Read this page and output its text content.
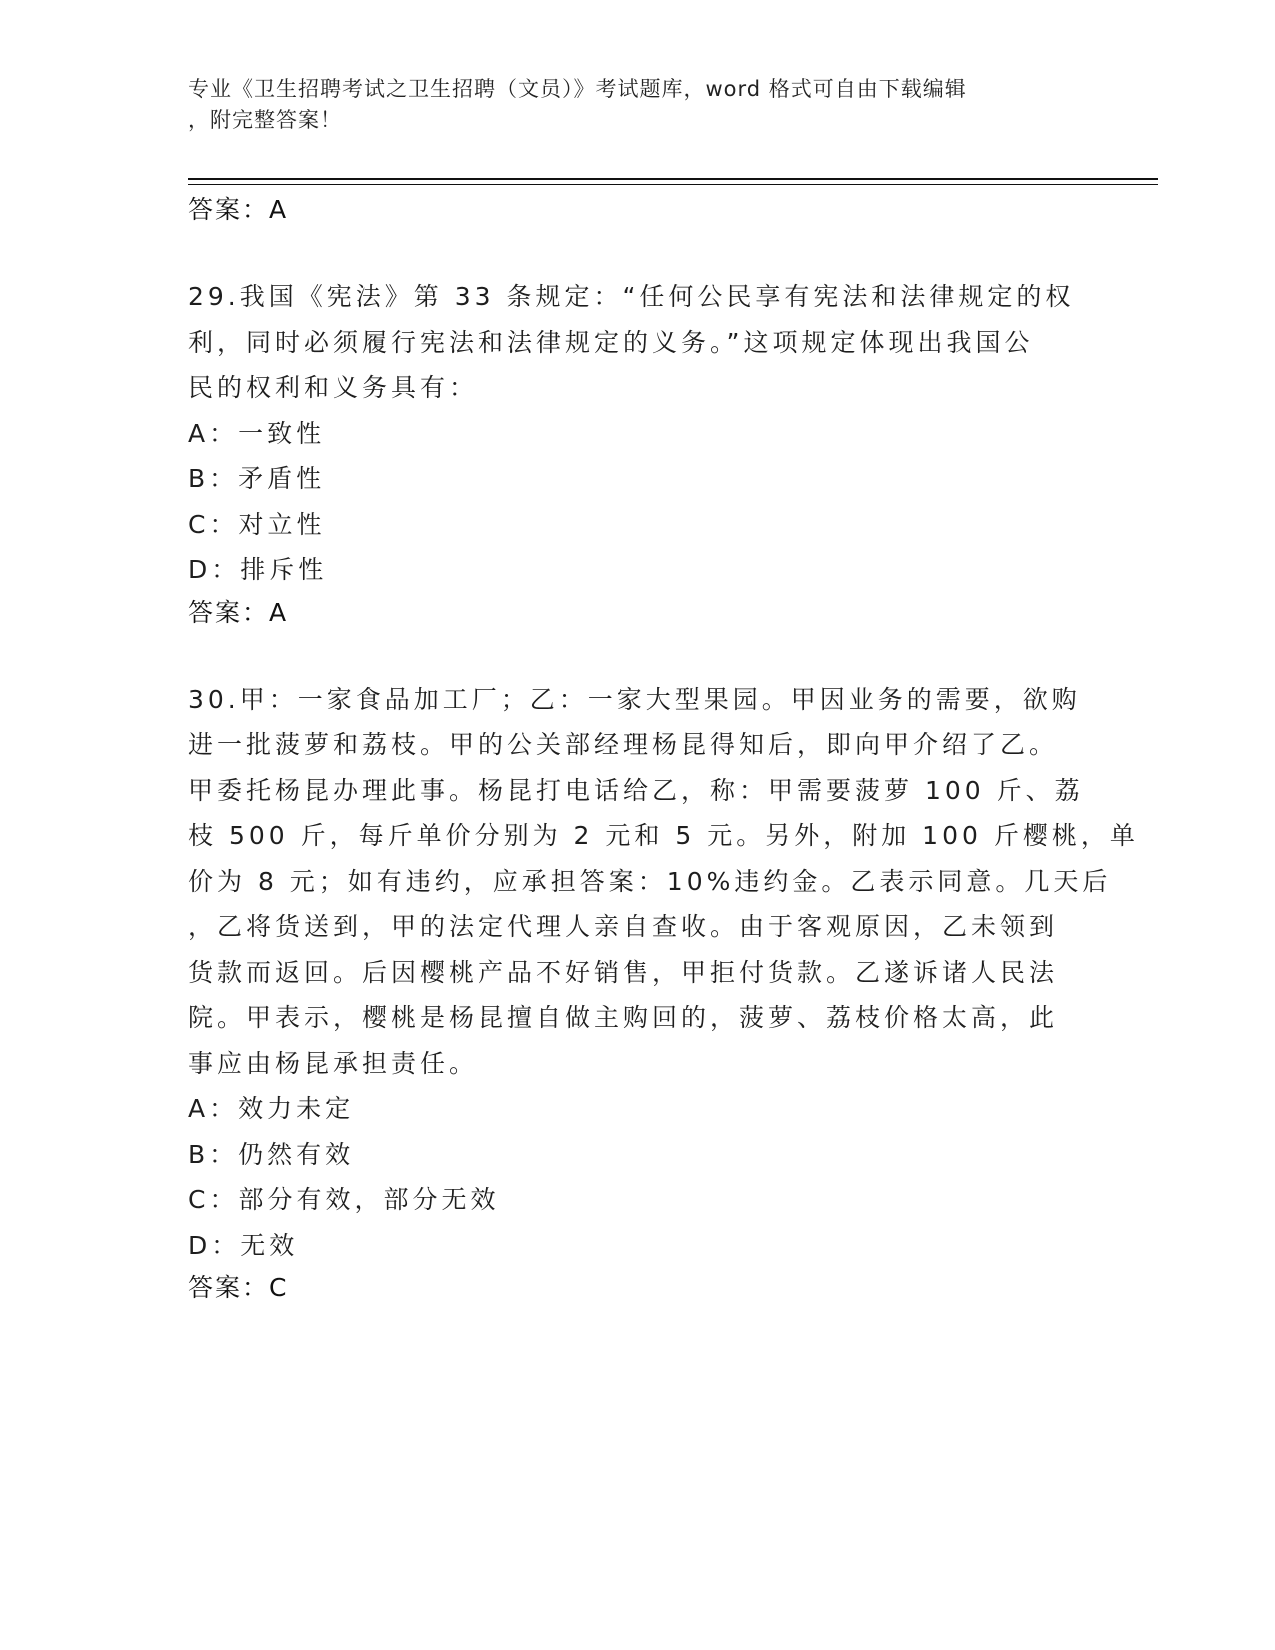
专业《卫生招聘考试之卫生招聘（文员）》考试题库，word 格式可自由下载编辑
，附完整答案！
答案：A
29.我国《宪法》第 33 条规定：“任何公民享有宪法和法律规定的权
利，同时必须履行宪法和法律规定的义务。”这项规定体现出我国公
民的权利和义务具有：
A：一致性
B：矛盾性
C：对立性
D：排斥性
答案：A
30.甲：一家食品加工厂；乙：一家大型果园。甲因业务的需要，欲购
进一批菠萝和荔枝。甲的公关部经理杨昆得知后，即向甲介绍了乙。
甲委托杨昆办理此事。杨昆打电话给乙，称：甲需要菠萝 100 斤、荔
枝 500 斤，每斤单价分别为 2 元和 5 元。另外，附加 100 斤樱桃，单
价为 8 元；如有违约，应承担答案：10%违约金。乙表示同意。几天后
，乙将货送到，甲的法定代理人亲自查收。由于客观原因，乙未领到
货款而返回。后因樱桃产品不好销售，甲拒付货款。乙遂诉诸人民法
院。甲表示，樱桃是杨昆擅自做主购回的，菠萝、荔枝价格太高，此
事应由杨昆承担责任。
A：效力未定
B：仍然有效
C：部分有效，部分无效
D：无效
答案：C
